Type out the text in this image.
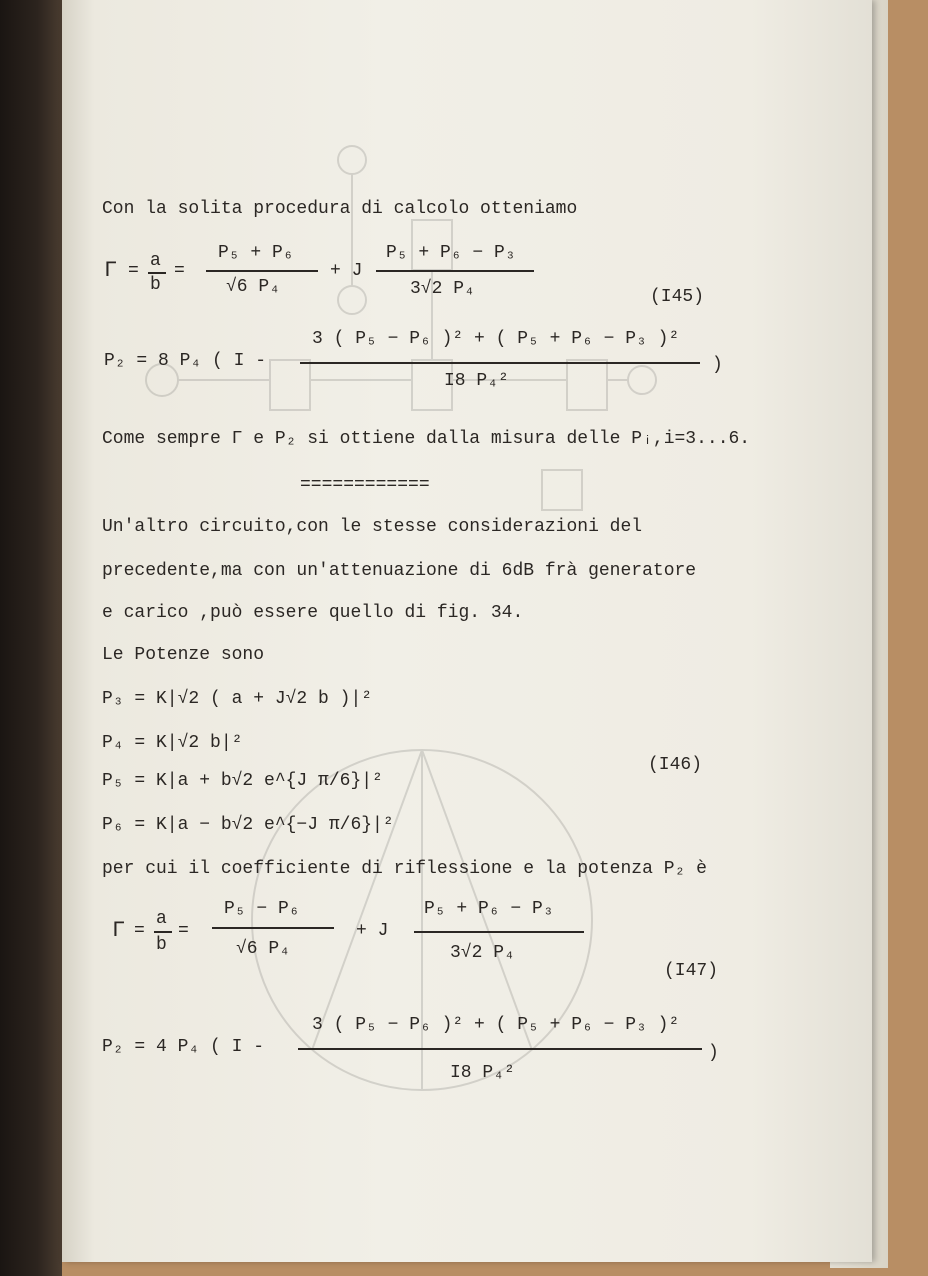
Con la solita procedura di calcolo otteniamo
Γ = a
b
=
P₅ + P₆
√6 P₄
+ J
P₅ + P₆ − P₃
3√2 P₄	(I45)
P₂ = 8 P₄ ( I -
3 ( P₅ − P₆ )² + ( P₅ + P₆ − P₃ )²
I8 P₄²
)
Come sempre Γ e P₂ si ottiene dalla misura delle Pᵢ,i=3...6.
============
Un'altro circuito,con le stesse considerazioni del
precedente,ma con un'attenuazione di 6dB frà generatore
e carico ,può essere quello di fig. 34.
Le Potenze sono
P₃ = K|√2 ( a + J√2 b )|²
P₄ = K|√2 b|²
P₅ = K|a + b√2 e^{J π/6}|²
P₆ = K|a − b√2 e^{−J π/6}|²
(I46)
per cui il coefficiente di riflessione e la potenza P₂ è
Γ =
a
b
=
P₅ − P₆
√6 P₄
+ J
P₅ + P₆ − P₃
3√2 P₄
(I47)
P₂ = 4 P₄ ( I -
3 ( P₅ − P₆ )² + ( P₅ + P₆ − P₃ )²
I8 P₄²
)
